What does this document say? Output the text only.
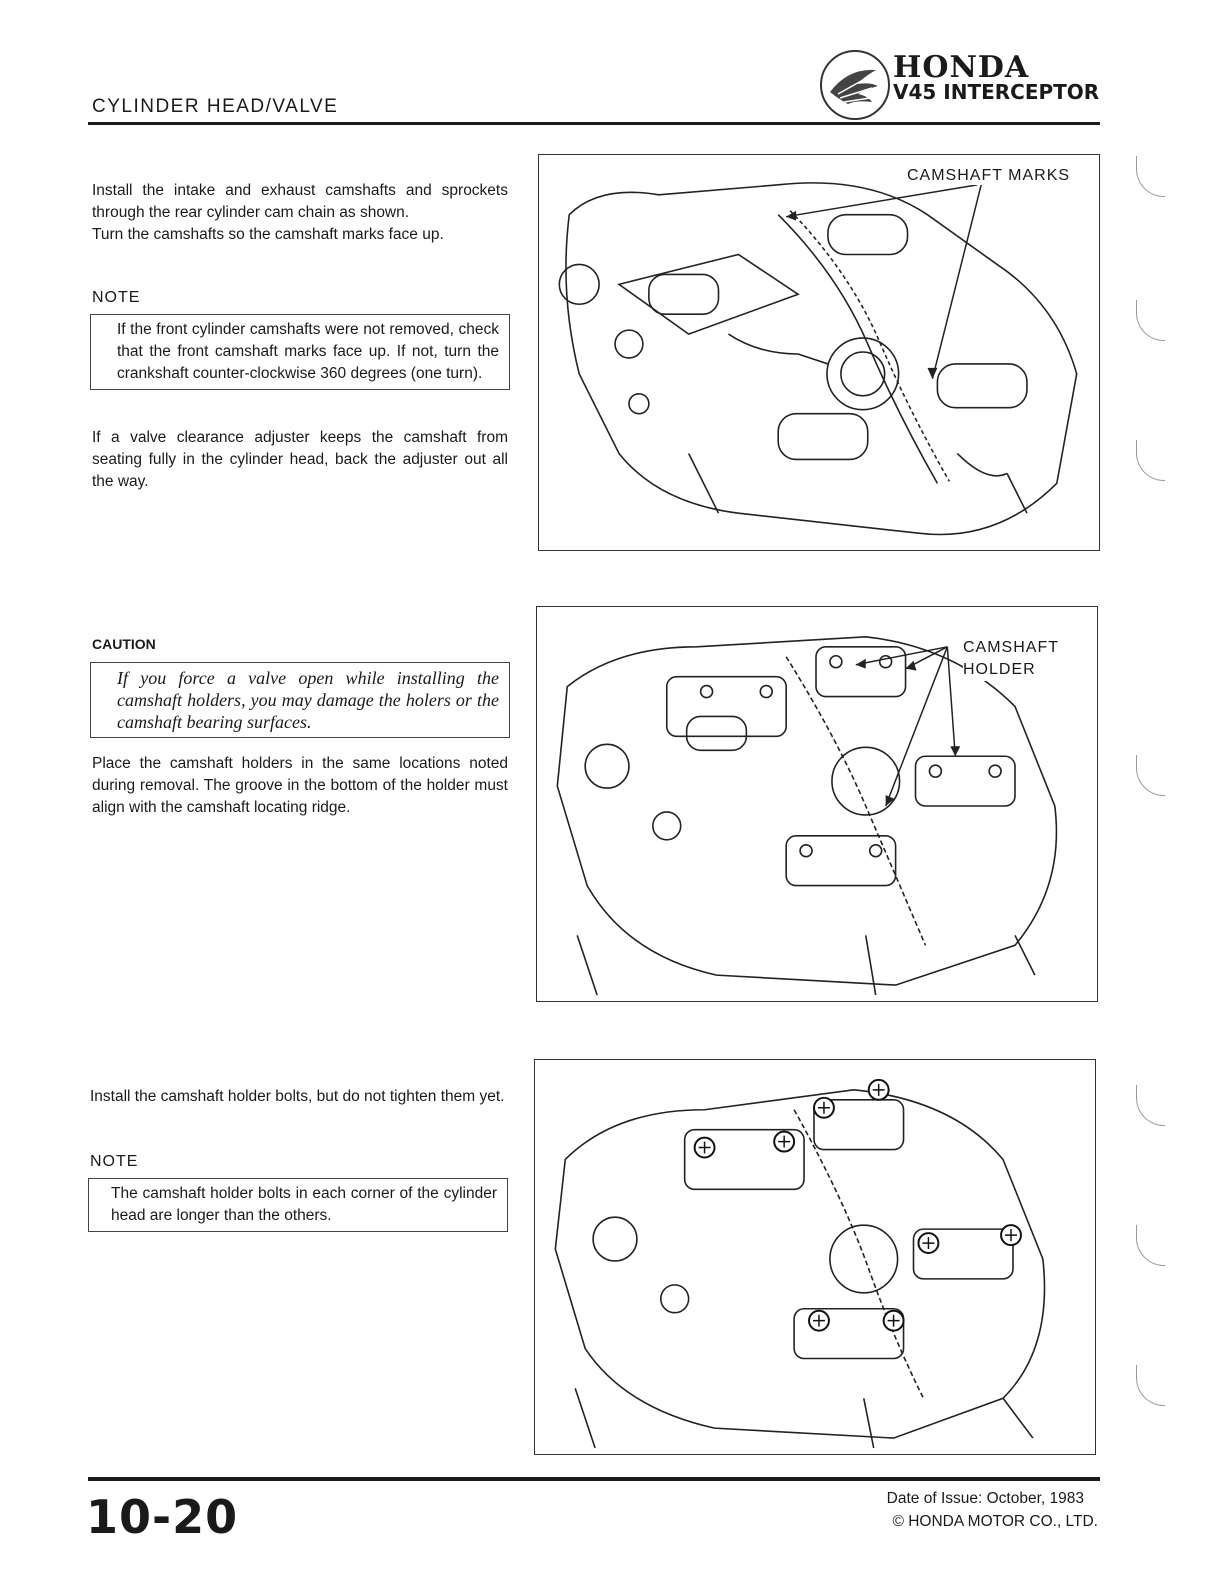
CYLINDER HEAD/VALVE
HONDA
V45 INTERCEPTOR
Install the intake and exhaust camshafts and sprockets through the rear cylinder cam chain as shown.
Turn the camshafts so the camshaft marks face up.
NOTE
If the front cylinder camshafts were not removed, check that the front camshaft marks face up. If not, turn the crankshaft counter-clockwise 360 degrees (one turn).
If a valve clearance adjuster keeps the camshaft from seating fully in the cylinder head, back the adjuster out all the way.
CAMSHAFT MARKS
CAUTION
If you force a valve open while installing the camshaft holders, you may damage the holers or the camshaft bearing surfaces.
Place the camshaft holders in the same locations noted during removal. The groove in the bottom of the holder must align with the camshaft locating ridge.
CAMSHAFT
HOLDER
Install the camshaft holder bolts, but do not tighten them yet.
NOTE
The camshaft holder bolts in each corner of the cylinder head are longer than the others.
10-20	Date of Issue: October, 1983
© HONDA MOTOR CO., LTD.
